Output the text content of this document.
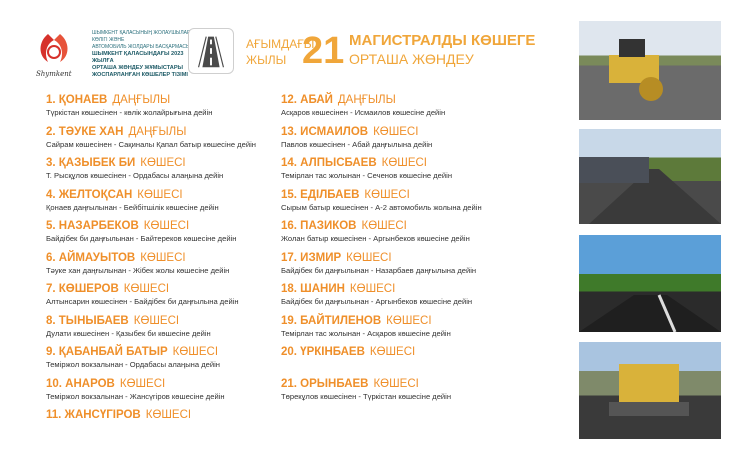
Shymkent
ШЫМКЕНТ ҚАЛАСЫНЫҢ ЖОЛАУШЫЛАР КӨЛІГІ ЖӘНЕ
АВТОМОБИЛЬ ЖОЛДАРЫ БАСҚАРМАСЫ
ШЫМКЕНТ ҚАЛАСЫНДАҒЫ 2023 ЖЫЛҒА
ОРТАША ЖӨНДЕУ ЖҰМЫСТАРЫ
ЖОСПАРЛАНҒАН КӨШЕЛЕР ТІЗІМІ
АҒЫМДАҒЫ
ЖЫЛЫ 21 МАГИСТРАЛДЫ КӨШЕГЕ
ОРТАША ЖӨНДЕУ
1. ҚОНАЕВ ДАҢҒЫЛЫ
Түркістан көшесінен - көлік жолайрығына дейін
2. ТӘУКЕ ХАН ДАҢҒЫЛЫ
Сайрам көшесінен - Сақиналы Қапал батыр көшесіне дейін
3. ҚАЗЫБЕК БИ КӨШЕСІ
Т. Рысқұлов көшесінен - Ордабасы алаңына дейін
4. ЖЕЛТОҚСАН КӨШЕСІ
Қонаев даңғылынан - Бейбітшілік көшесіне дейін
5. НАЗАРБЕКОВ КӨШЕСІ
Байдібек би даңғылынан - Байтереков көшесіне дейін
6. АЙМАУЫТОВ КӨШЕСІ
Тәуке хан даңғылынан - Жібек жолы көшесіне дейін
7. КӨШЕРОВ КӨШЕСІ
Алтынсарин көшесінен - Байдібек би даңғылына дейін
8. ТЫНЫБАЕВ КӨШЕСІ
Дулати көшесінен - Қазыбек би көшесіне дейін
9. ҚАБАНБАЙ БАТЫР КӨШЕСІ
Теміржол вокзалынан - Ордабасы алаңына дейін
10. АНАРОВ КӨШЕСІ
Теміржол вокзалынан - Жансүгіров көшесіне дейін
11. ЖАНСҮГІРОВ КӨШЕСІ
12. АБАЙ ДАҢҒЫЛЫ
Асқаров көшесінен - Исмаилов көшесіне дейін
13. ИСМАИЛОВ КӨШЕСІ
Павлов көшесінен - Абай даңғылына дейін
14. АЛПЫСБАЕВ КӨШЕСІ
Темірлан тас жолынан - Сеченов көшесіне дейін
15. ЕДІЛБАЕВ КӨШЕСІ
Сырым батыр көшесінен - А-2 автомобиль жолына дейін
16. ПАЗИКОВ КӨШЕСІ
Жолан батыр көшесінен - Аргынбеков көшесіне дейін
17. ИЗМИР КӨШЕСІ
Байдібек би даңғылынан - Назарбаев даңғылына дейін
18. ШАНИН КӨШЕСІ
Байдібек би даңғылынан - Аргынбеков көшесіне дейін
19. БАЙТИЛЕНОВ КӨШЕСІ
Темірлан тас жолынан - Асқаров көшесіне дейін
20. ҮРКІНБАЕВ КӨШЕСІ
21. ОРЫНБАЕВ КӨШЕСІ
Төрекұлов көшесінен - Түркістан көшесіне дейін
